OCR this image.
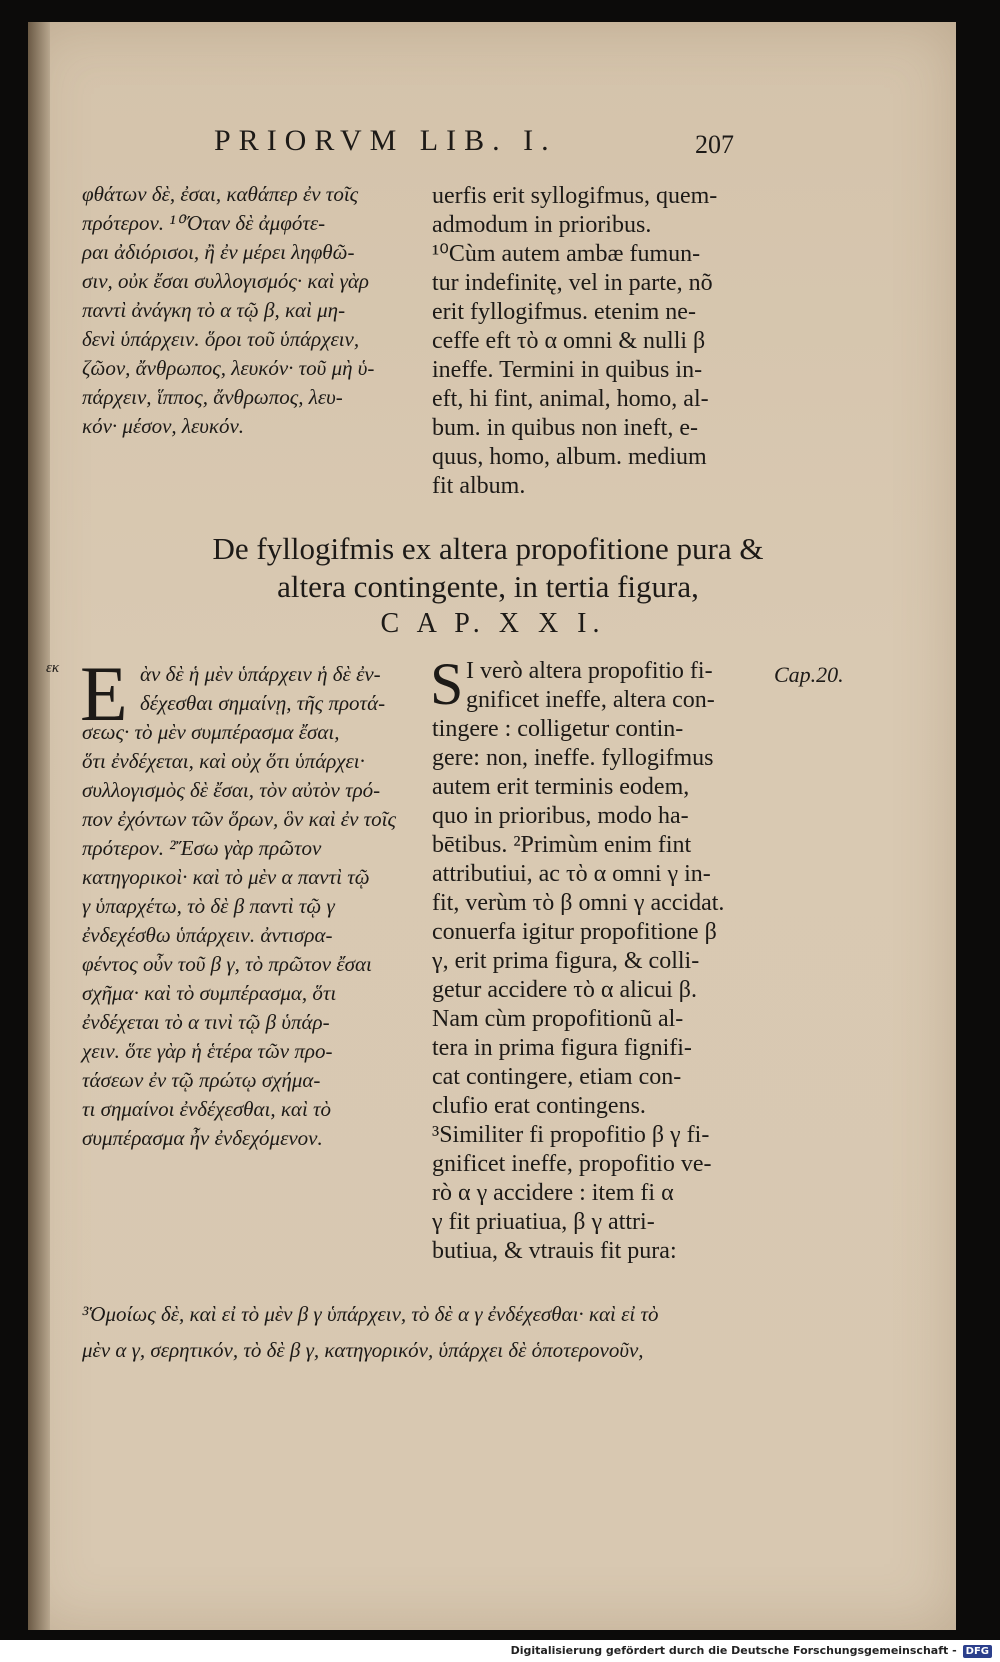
PRIORVM LIB. I.	207
φθάτων δὲ, ἐσαι, καθάπερ ἐν τοῖς
πρότερον. ¹⁰Ὅταν δὲ ἀμφότε-
ραι ἀδιόρισοι, ἢ ἐν μέρει ληφθῶ-
σιν, οὐκ ἔσαι συλλογισμός· καὶ γὰρ
παντὶ ἀνάγκη τὸ α τῷ β, καὶ μη-
δενὶ ὑπάρχειν. ὅροι τοῦ ὑπάρχειν,
ζῶον, ἄνθρωπος, λευκόν· τοῦ μὴ ὑ-
πάρχειν, ἵππος, ἄνθρωπος, λευ-
κόν· μέσον, λευκόν.
uerfis erit syllogifmus, quem-
admodum in prioribus.
¹⁰Cùm autem ambæ fumun-
tur indefinitę, vel in parte, nõ
erit fyllogifmus. etenim ne-
ceffe eft τὸ α omni & nulli β
ineffe. Termini in quibus in-
eft, hi fint, animal, homo, al-
bum. in quibus non ineft, e-
quus, homo, album. medium
fit album.
De fyllogifmis ex altera propofitione pura &
altera contingente, in tertia figura,
C A P. X X I.
εκ	Cap.20.
E	S
ὰν δὲ ἡ μὲν ὑπάρχειν ἡ δὲ ἐν-
δέχεσθαι σημαίνῃ, τῆς προτά-
σεως· τὸ μὲν συμπέρασμα ἔσαι,
ὅτι ἐνδέχεται, καὶ οὐχ ὅτι ὑπάρχει·
συλλογισμὸς δὲ ἔσαι, τὸν αὐτὸν τρό-
πον ἐχόντων τῶν ὅρων, ὃν καὶ ἐν τοῖς
πρότερον. ²Ἔσω γὰρ πρῶτον
κατηγορικοὶ· καὶ τὸ μὲν α παντὶ τῷ
γ ὑπαρχέτω, τὸ δὲ β παντὶ τῷ γ
ἐνδεχέσθω ὑπάρχειν. ἀντισρα-
φέντος οὖν τοῦ β γ, τὸ πρῶτον ἔσαι
σχῆμα· καὶ τὸ συμπέρασμα, ὅτι
ἐνδέχεται τὸ α τινὶ τῷ β ὑπάρ-
χειν. ὅτε γὰρ ἡ ἑτέρα τῶν προ-
τάσεων ἐν τῷ πρώτῳ σχήμα-
τι σημαίνοι ἐνδέχεσθαι, καὶ τὸ
συμπέρασμα ἦν ἐνδεχόμενον.
I verò altera propofitio fi-
gnificet ineffe, altera con-
tingere : colligetur contin-
gere: non, ineffe. fyllogifmus
autem erit terminis eodem,
quo in prioribus, modo ha-
bētibus. ²Primùm enim fint
attributiui, ac τὸ α omni γ in-
fit, verùm τὸ β omni γ accidat.
conuerfa igitur propofitione β
γ, erit prima figura, & colli-
getur accidere τὸ α alicui β.
Nam cùm propofitionũ al-
tera in prima figura fignifi-
cat contingere, etiam con-
clufio erat contingens.
³Similiter fi propofitio β γ fi-
gnificet ineffe, propofitio ve-
rò α γ accidere : item fi α
γ fit priuatiua, β γ attri-
butiua, & vtrauis fit pura:
³Ὁμοίως δὲ, καὶ εἰ τὸ μὲν β γ ὑπάρχειν, τὸ δὲ α γ ἐνδέχεσθαι· καὶ εἰ τὸ
μὲν α γ, σερητικόν, τὸ δὲ β γ, κατηγορικόν, ὑπάρχει δὲ ὁποτερονοῦν,
Digitalisierung gefördert durch die Deutsche Forschungsgemeinschaft - DFG
